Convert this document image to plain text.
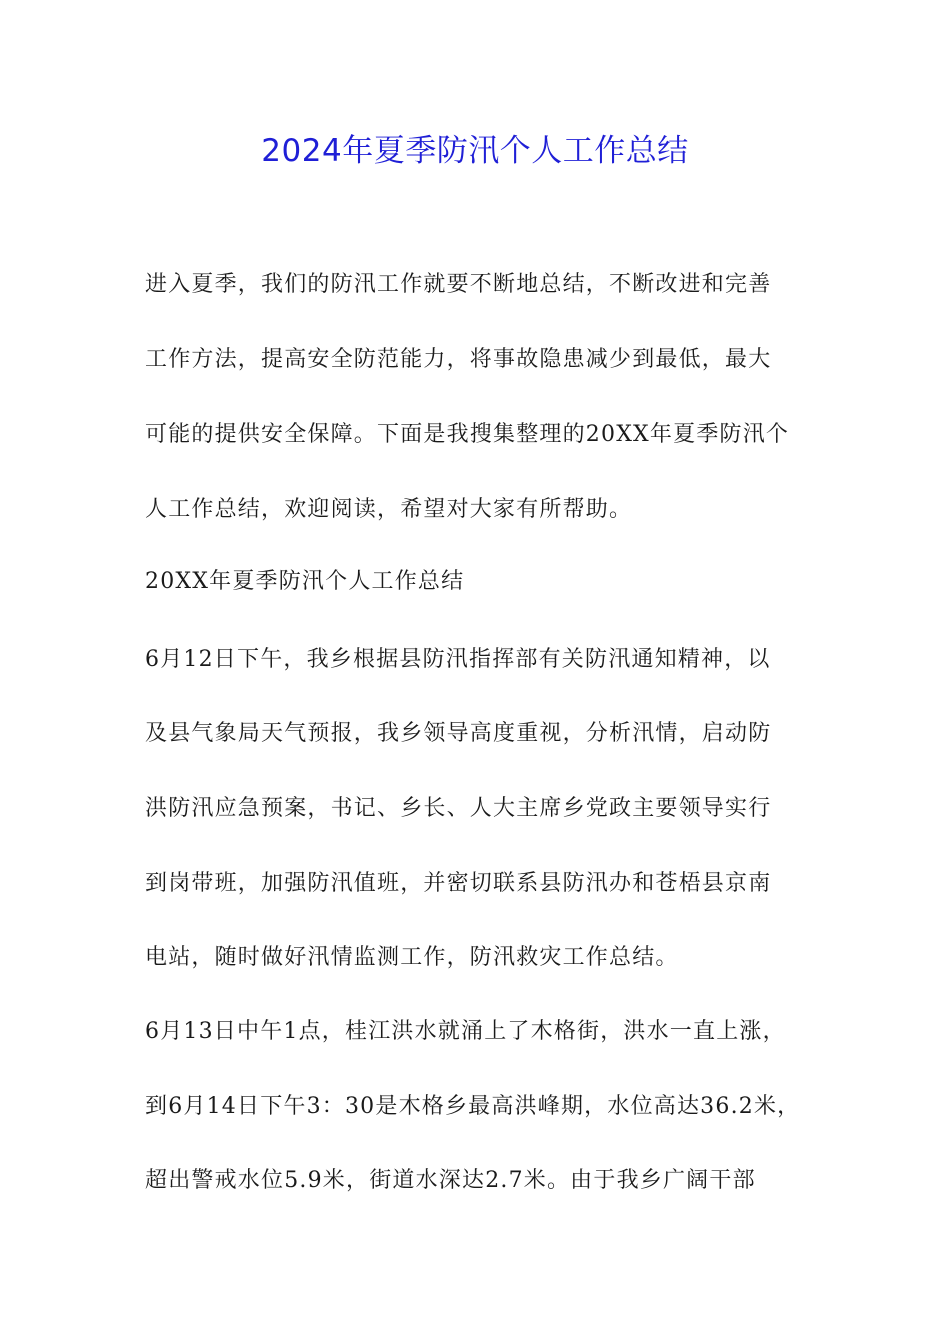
2024年夏季防汛个人工作总结
进入夏季，我们的防汛工作就要不断地总结，不断改进和完善
工作方法，提高安全防范能力，将事故隐患减少到最低，最大
可能的提供安全保障。下面是我搜集整理的20XX年夏季防汛个
人工作总结，欢迎阅读，希望对大家有所帮助。
20XX年夏季防汛个人工作总结
6月12日下午，我乡根据县防汛指挥部有关防汛通知精神，以
及县气象局天气预报，我乡领导高度重视，分析汛情，启动防
洪防汛应急预案，书记、乡长、人大主席乡党政主要领导实行
到岗带班，加强防汛值班，并密切联系县防汛办和苍梧县京南
电站，随时做好汛情监测工作，防汛救灾工作总结。
6月13日中午1点，桂江洪水就涌上了木格街，洪水一直上涨，
到6月14日下午3：30是木格乡最高洪峰期，水位高达36.2米，
超出警戒水位5.9米，街道水深达2.7米。由于我乡广阔干部
